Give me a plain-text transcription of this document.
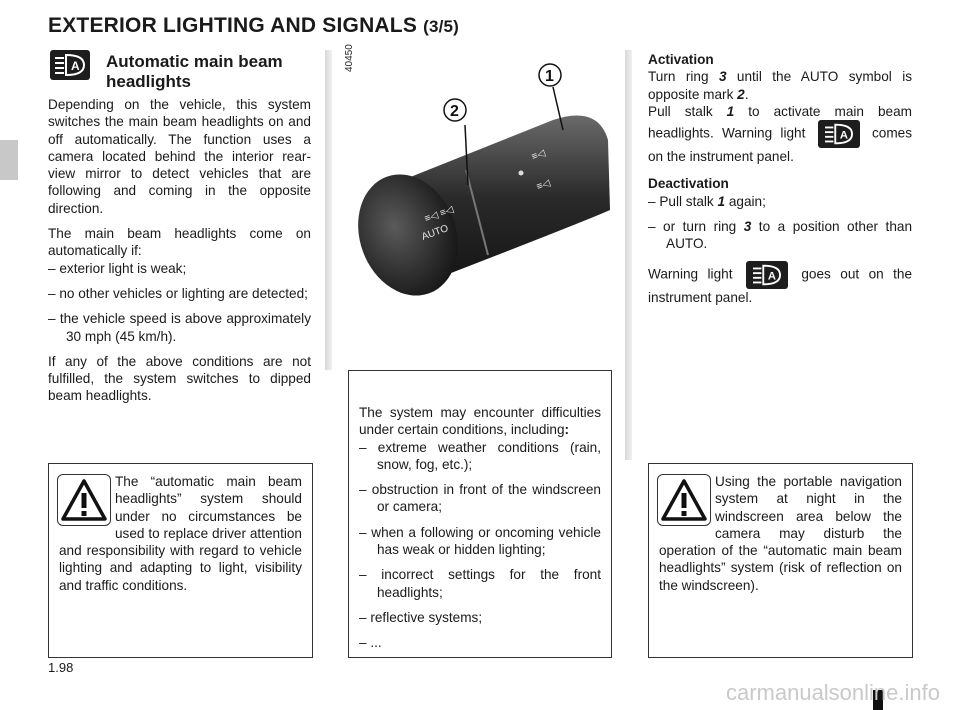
EXTERIOR LIGHTING AND SIGNALS (3/5)
A Automatic main beam
headlights

Depending on the vehicle, this system switches the main beam headlights on and off automatically. The function uses a camera located behind the interior rear-view mirror to detect vehicles that are following and coming in the opposite direction.

The main beam headlights come on automatically if:

– exterior light is weak;

– no other vehicles or lighting are detected;

– the vehicle speed is above approximately 30 mph (45 km/h).

If any of the above conditions are not fulfilled, the system switches to dipped beam headlights.

The “automatic main beam headlights” system should under no circumstances be used to replace driver attention and responsibility with regard to vehicle lighting and adapting to light, visibility and traffic conditions.
40450
AUTO
≡◁
≡◁
≡◁ ≡◁
2
1

The system may encounter difficulties under certain conditions, including:

– extreme weather conditions (rain, snow, fog, etc.);

– obstruction in front of the windscreen or camera;

– when a following or oncoming vehicle has weak or hidden lighting;

– incorrect settings for the front headlights;

– reflective systems;

– ...

Activation

Turn ring 3 until the AUTO symbol is opposite mark 2.

Pull stalk 1 to activate main beam headlights. Warning light	A comes on the instrument panel.

Deactivation

– Pull stalk 1 again;

– or turn ring 3 to a position other than AUTO.

Warning light	A goes out on the instrument panel.

Using the portable navigation system at night in the windscreen area below the camera may disturb the operation of the “automatic main beam headlights” system (risk of reflection on the windscreen).
1.98
carmanualsonline.info
